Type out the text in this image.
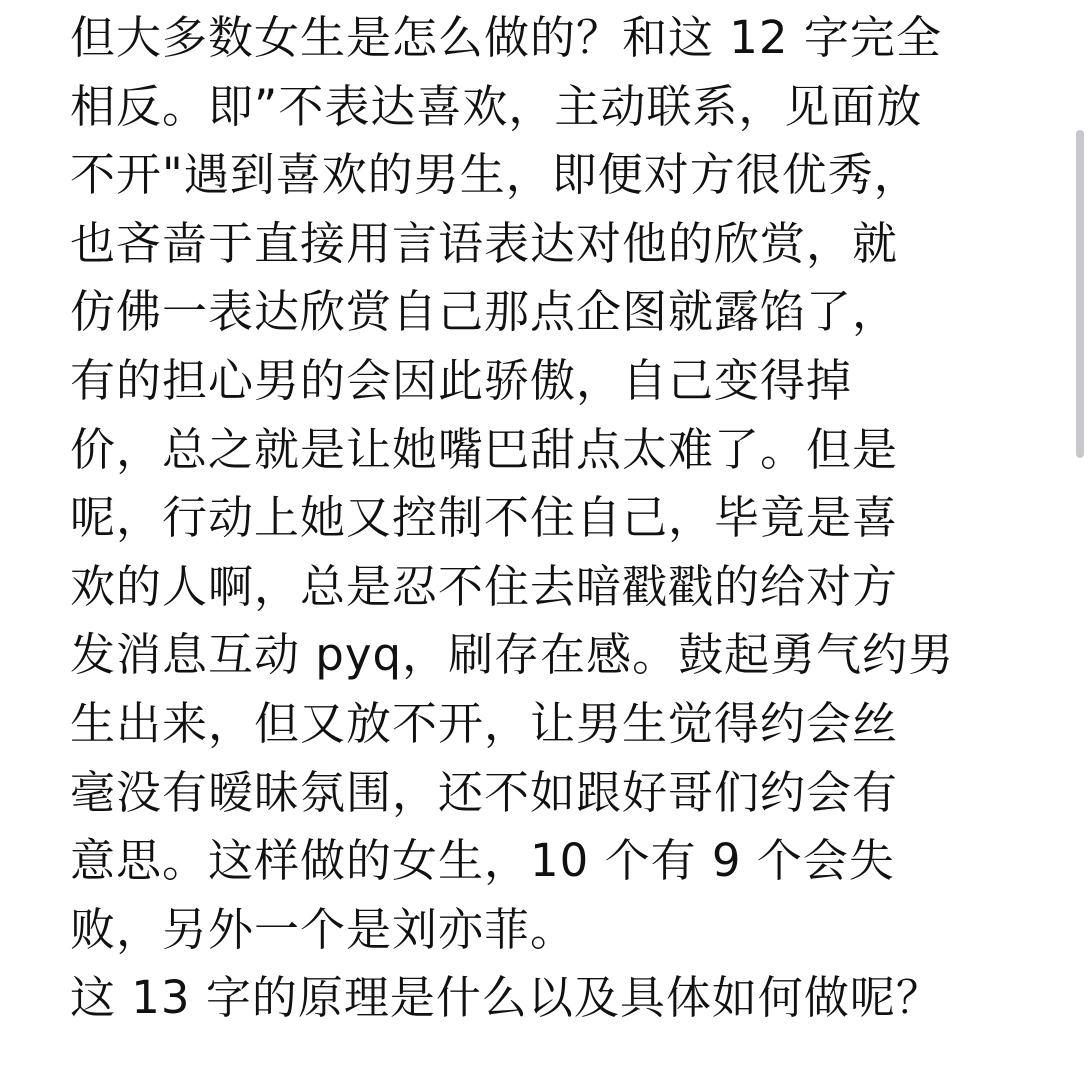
但大多数女生是怎么做的？和这 12 字完全
相反。即”不表达喜欢，主动联系，见面放
不开"遇到喜欢的男生，即便对方很优秀，
也吝啬于直接用言语表达对他的欣赏，就
仿佛一表达欣赏自己那点企图就露馅了，
有的担心男的会因此骄傲，自己变得掉
价，总之就是让她嘴巴甜点太难了。但是
呢，行动上她又控制不住自己，毕竟是喜
欢的人啊，总是忍不住去暗戳戳的给对方
发消息互动 pyq，刷存在感。鼓起勇气约男
生出来，但又放不开，让男生觉得约会丝
毫没有暧昧氛围，还不如跟好哥们约会有
意思。这样做的女生，10 个有 9 个会失
败，另外一个是刘亦菲。
这 13 字的原理是什么以及具体如何做呢？
